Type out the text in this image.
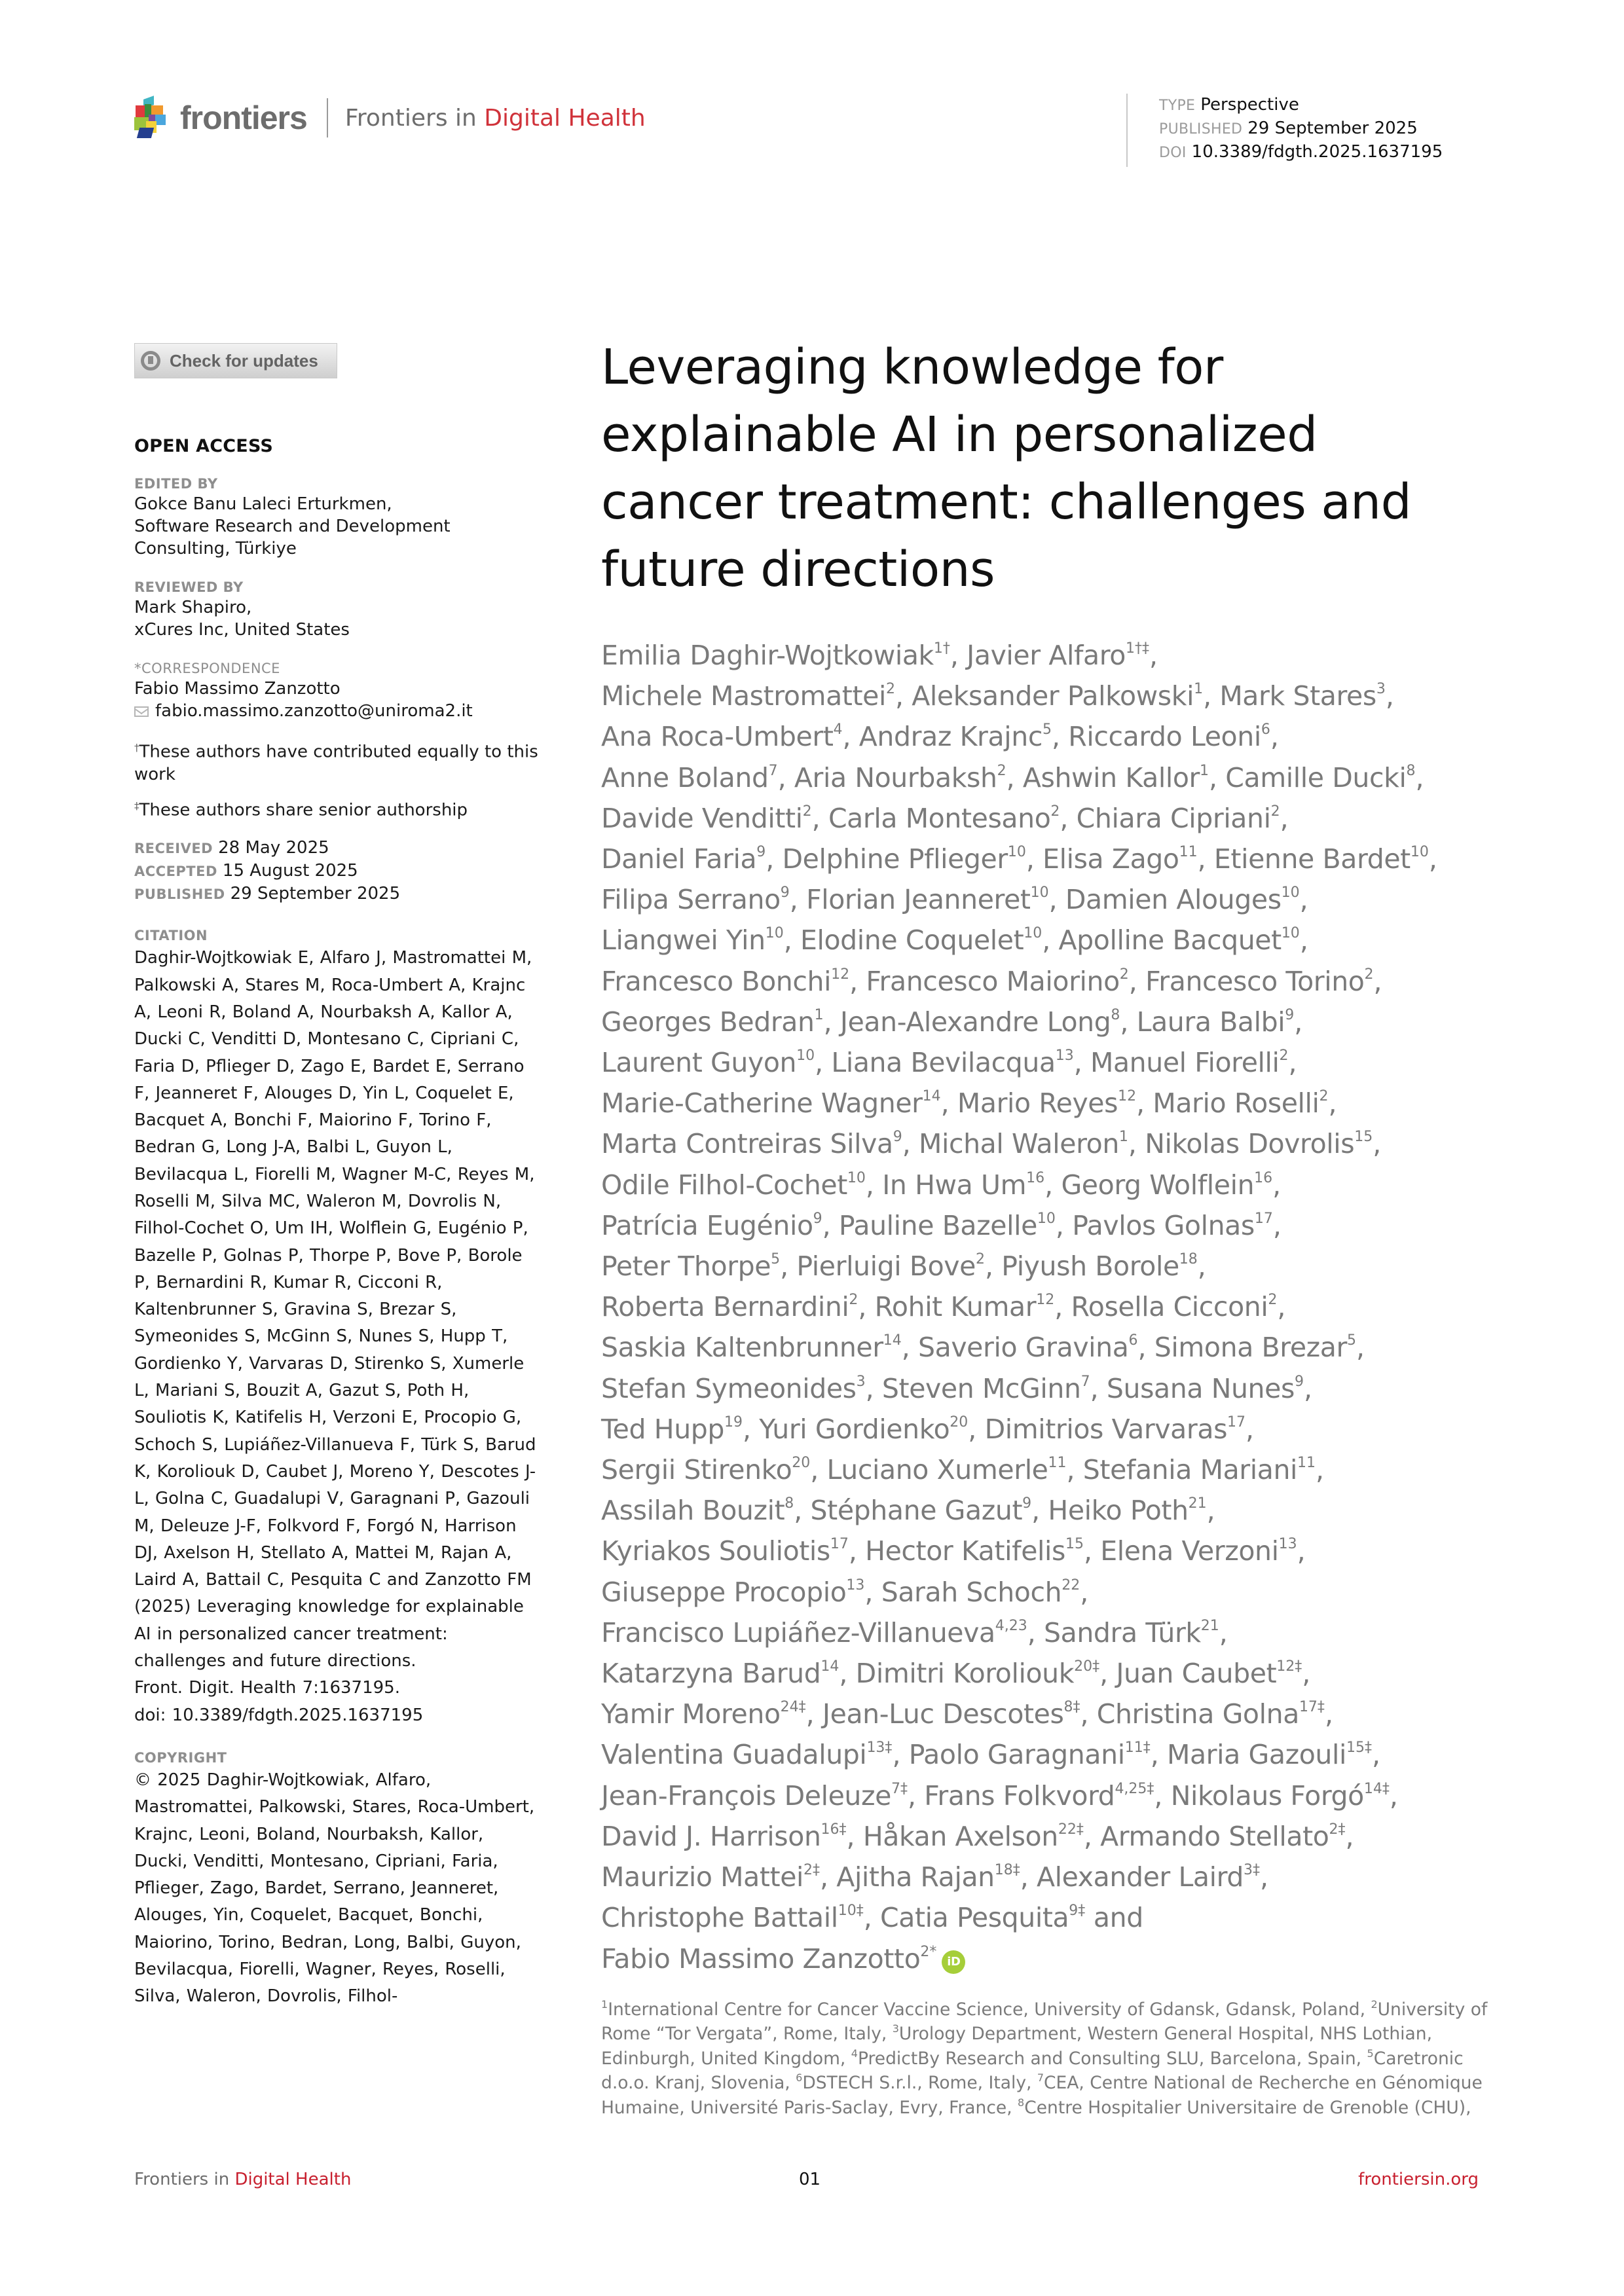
frontiers Frontiers in Digital Health	TYPE Perspective
PUBLISHED 29 September 2025
DOI 10.3389/fdgth.2025.1637195
Check for updates
OPEN ACCESS
EDITED BY
Gokce Banu Laleci Erturkmen,
Software Research and Development
Consulting, Türkiye
REVIEWED BY
Mark Shapiro,
xCures Inc, United States
*CORRESPONDENCE
Fabio Massimo Zanzotto
fabio.massimo.zanzotto@uniroma2.it
†These authors have contributed equally to this work
‡These authors share senior authorship
RECEIVED 28 May 2025
ACCEPTED 15 August 2025
PUBLISHED 29 September 2025
CITATION
Daghir-Wojtkowiak E, Alfaro J, Mastromattei M, Palkowski A, Stares M, Roca-Umbert A, Krajnc A, Leoni R, Boland A, Nourbaksh A, Kallor A, Ducki C, Venditti D, Montesano C, Cipriani C, Faria D, Pflieger D, Zago E, Bardet E, Serrano F, Jeanneret F, Alouges D, Yin L, Coquelet E, Bacquet A, Bonchi F, Maiorino F, Torino F, Bedran G, Long J-A, Balbi L, Guyon L, Bevilacqua L, Fiorelli M, Wagner M-C, Reyes M, Roselli M, Silva MC, Waleron M, Dovrolis N, Filhol-Cochet O, Um IH, Wolflein G, Eugénio P, Bazelle P, Golnas P, Thorpe P, Bove P, Borole P, Bernardini R, Kumar R, Cicconi R, Kaltenbrunner S, Gravina S, Brezar S, Symeonides S, McGinn S, Nunes S, Hupp T, Gordienko Y, Varvaras D, Stirenko S, Xumerle L, Mariani S, Bouzit A, Gazut S, Poth H, Souliotis K, Katifelis H, Verzoni E, Procopio G, Schoch S, Lupiáñez-Villanueva F, Türk S, Barud K, Koroliouk D, Caubet J, Moreno Y, Descotes J-L, Golna C, Guadalupi V, Garagnani P, Gazouli M, Deleuze J-F, Folkvord F, Forgó N, Harrison DJ, Axelson H, Stellato A, Mattei M, Rajan A, Laird A, Battail C, Pesquita C and Zanzotto FM (2025) Leveraging knowledge for explainable AI in personalized cancer treatment: challenges and future directions.
Front. Digit. Health 7:1637195.
doi: 10.3389/fdgth.2025.1637195
COPYRIGHT
© 2025 Daghir-Wojtkowiak, Alfaro, Mastromattei, Palkowski, Stares, Roca-Umbert, Krajnc, Leoni, Boland, Nourbaksh, Kallor, Ducki, Venditti, Montesano, Cipriani, Faria, Pflieger, Zago, Bardet, Serrano, Jeanneret, Alouges, Yin, Coquelet, Bacquet, Bonchi, Maiorino, Torino, Bedran, Long, Balbi, Guyon, Bevilacqua, Fiorelli, Wagner, Reyes, Roselli, Silva, Waleron, Dovrolis, Filhol-
Leveraging knowledge for explainable AI in personalized cancer treatment: challenges and future directions
Emilia Daghir-Wojtkowiak$^{1\dagger}$, Javier Alfaro$^{1\dagger\ddagger}$,
Michele Mastromattei$^2$, Aleksander Palkowski$^1$, Mark Stares$^3$,
Ana Roca-Umbert$^4$, Andraz Krajnc$^5$, Riccardo Leoni$^6$,
Anne Boland$^7$, Aria Nourbaksh$^2$, Ashwin Kallor$^1$, Camille Ducki$^8$,
Davide Venditti$^2$, Carla Montesano$^2$, Chiara Cipriani$^2$,
Daniel Faria$^9$, Delphine Pflieger$^{10}$, Elisa Zago$^{11}$, Etienne Bardet$^{10}$,
Filipa Serrano$^9$, Florian Jeanneret$^{10}$, Damien Alouges$^{10}$,
Liangwei Yin$^{10}$, Elodine Coquelet$^{10}$, Apolline Bacquet$^{10}$,
Francesco Bonchi$^{12}$, Francesco Maiorino$^2$, Francesco Torino$^2$,
Georges Bedran$^1$, Jean-Alexandre Long$^8$, Laura Balbi$^9$,
Laurent Guyon$^{10}$, Liana Bevilacqua$^{13}$, Manuel Fiorelli$^2$,
Marie-Catherine Wagner$^{14}$, Mario Reyes$^{12}$, Mario Roselli$^2$,
Marta Contreiras Silva$^9$, Michal Waleron$^1$, Nikolas Dovrolis$^{15}$,
Odile Filhol-Cochet$^{10}$, In Hwa Um$^{16}$, Georg Wolflein$^{16}$,
Patrícia Eugénio$^9$, Pauline Bazelle$^{10}$, Pavlos Golnas$^{17}$,
Peter Thorpe$^5$, Pierluigi Bove$^2$, Piyush Borole$^{18}$,
Roberta Bernardini$^2$, Rohit Kumar$^{12}$, Rosella Cicconi$^2$,
Saskia Kaltenbrunner$^{14}$, Saverio Gravina$^6$, Simona Brezar$^5$,
Stefan Symeonides$^3$, Steven McGinn$^7$, Susana Nunes$^9$,
Ted Hupp$^{19}$, Yuri Gordienko$^{20}$, Dimitrios Varvaras$^{17}$,
Sergii Stirenko$^{20}$, Luciano Xumerle$^{11}$, Stefania Mariani$^{11}$,
Assilah Bouzit$^8$, Stéphane Gazut$^9$, Heiko Poth$^{21}$,
Kyriakos Souliotis$^{17}$, Hector Katifelis$^{15}$, Elena Verzoni$^{13}$,
Giuseppe Procopio$^{13}$, Sarah Schoch$^{22}$,
Francisco Lupiáñez-Villanueva$^{4,23}$, Sandra Türk$^{21}$,
Katarzyna Barud$^{14}$, Dimitri Koroliouk$^{20\ddagger}$, Juan Caubet$^{12\ddagger}$,
Yamir Moreno$^{24\ddagger}$, Jean-Luc Descotes$^{8\ddagger}$, Christina Golna$^{17\ddagger}$,
Valentina Guadalupi$^{13\ddagger}$, Paolo Garagnani$^{11\ddagger}$, Maria Gazouli$^{15\ddagger}$,
Jean-François Deleuze$^{7\ddagger}$, Frans Folkvord$^{4,25\ddagger}$, Nikolaus Forgó$^{14\ddagger}$,
David J. Harrison$^{16\ddagger}$, Håkan Axelson$^{22\ddagger}$, Armando Stellato$^{2\ddagger}$,
Maurizio Mattei$^{2\ddagger}$, Ajitha Rajan$^{18\ddagger}$, Alexander Laird$^{3\ddagger}$,
Christophe Battail$^{10\ddagger}$, Catia Pesquita$^{9\ddagger}$ and
Fabio Massimo Zanzotto$^{2*}$iD
$^1$International Centre for Cancer Vaccine Science, University of Gdansk, Gdansk, Poland, $^2$University of Rome “Tor Vergata”, Rome, Italy, $^3$Urology Department, Western General Hospital, NHS Lothian, Edinburgh, United Kingdom, $^4$PredictBy Research and Consulting SLU, Barcelona, Spain, $^5$Caretronic d.o.o. Kranj, Slovenia, $^6$DSTECH S.r.l., Rome, Italy, $^7$CEA, Centre National de Recherche en Génomique Humaine, Université Paris-Saclay, Evry, France, $^8$Centre Hospitalier Universitaire de Grenoble (CHU),
Frontiers in Digital Health	01	frontiersin.org
